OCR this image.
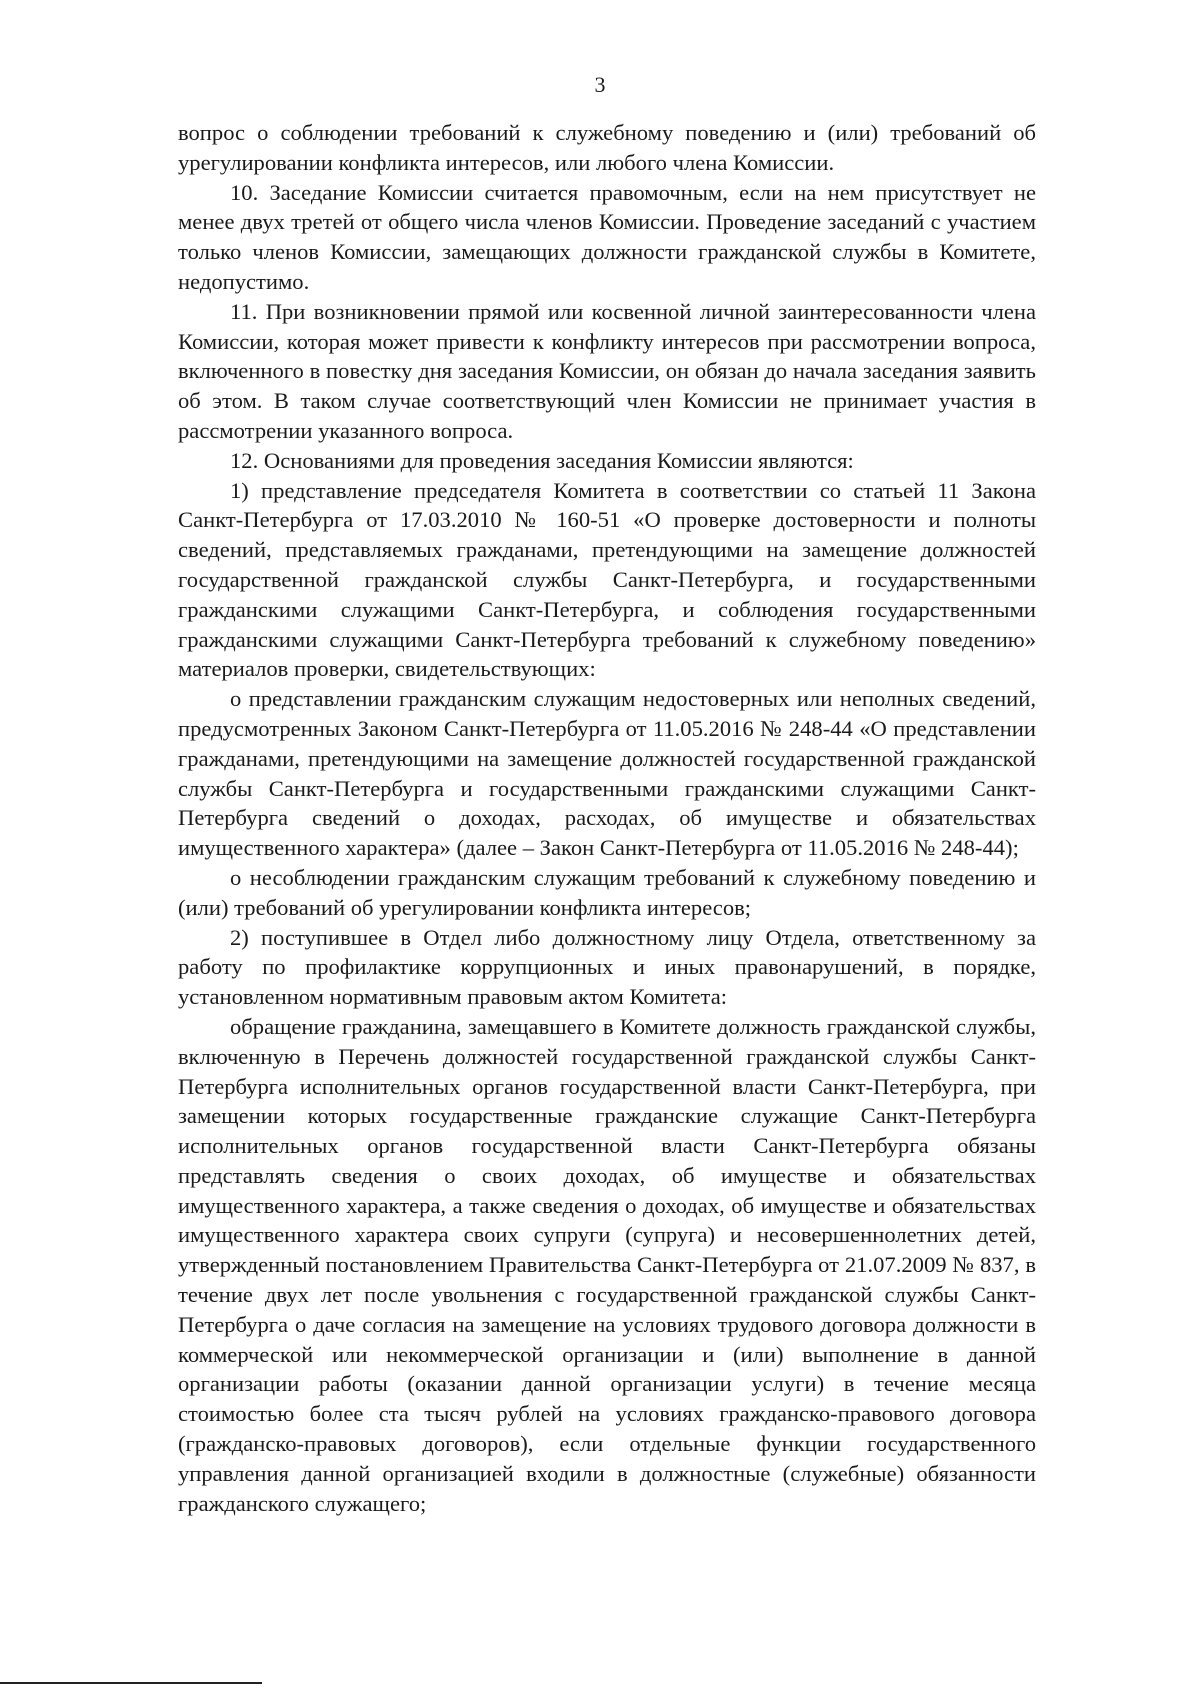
3

вопрос о соблюдении требований к служебному поведению и (или) требований об урегулировании конфликта интересов, или любого члена Комиссии.

10. Заседание Комиссии считается правомочным, если на нем присутствует не менее двух третей от общего числа членов Комиссии. Проведение заседаний с участием только членов Комиссии, замещающих должности гражданской службы в Комитете, недопустимо.

11. При возникновении прямой или косвенной личной заинтересованности члена Комиссии, которая может привести к конфликту интересов при рассмотрении вопроса, включенного в повестку дня заседания Комиссии, он обязан до начала заседания заявить об этом. В таком случае соответствующий член Комиссии не принимает участия в рассмотрении указанного вопроса.

12. Основаниями для проведения заседания Комиссии являются:

1) представление председателя Комитета в соответствии со статьей 11 Закона Санкт-Петербурга от 17.03.2010 № 160-51 «О проверке достоверности и полноты сведений, представляемых гражданами, претендующими на замещение должностей государственной гражданской службы Санкт-Петербурга, и государственными гражданскими служащими Санкт-Петербурга, и соблюдения государственными гражданскими служащими Санкт-Петербурга требований к служебному поведению» материалов проверки, свидетельствующих:

о представлении гражданским служащим недостоверных или неполных сведений, предусмотренных Законом Санкт-Петербурга от 11.05.2016 № 248-44 «О представлении гражданами, претендующими на замещение должностей государственной гражданской службы Санкт-Петербурга и государственными гражданскими служащими Санкт-Петербурга сведений о доходах, расходах, об имуществе и обязательствах имущественного характера» (далее – Закон Санкт-Петербурга от 11.05.2016 № 248-44);

о несоблюдении гражданским служащим требований к служебному поведению и (или) требований об урегулировании конфликта интересов;

2) поступившее в Отдел либо должностному лицу Отдела, ответственному за работу по профилактике коррупционных и иных правонарушений, в порядке, установленном нормативным правовым актом Комитета:

обращение гражданина, замещавшего в Комитете должность гражданской службы, включенную в Перечень должностей государственной гражданской службы Санкт-Петербурга исполнительных органов государственной власти Санкт-Петербурга, при замещении которых государственные гражданские служащие Санкт-Петербурга исполнительных органов государственной власти Санкт-Петербурга обязаны представлять сведения о своих доходах, об имуществе и обязательствах имущественного характера, а также сведения о доходах, об имуществе и обязательствах имущественного характера своих супруги (супруга) и несовершеннолетних детей, утвержденный постановлением Правительства Санкт-Петербурга от 21.07.2009 № 837, в течение двух лет после увольнения с государственной гражданской службы Санкт-Петербурга о даче согласия на замещение на условиях трудового договора должности в коммерческой или некоммерческой организации и (или) выполнение в данной организации работы (оказании данной организации услуги) в течение месяца стоимостью более ста тысяч рублей на условиях гражданско-правового договора (гражданско-правовых договоров), если отдельные функции государственного управления данной организацией входили в должностные (служебные) обязанности гражданского служащего;
